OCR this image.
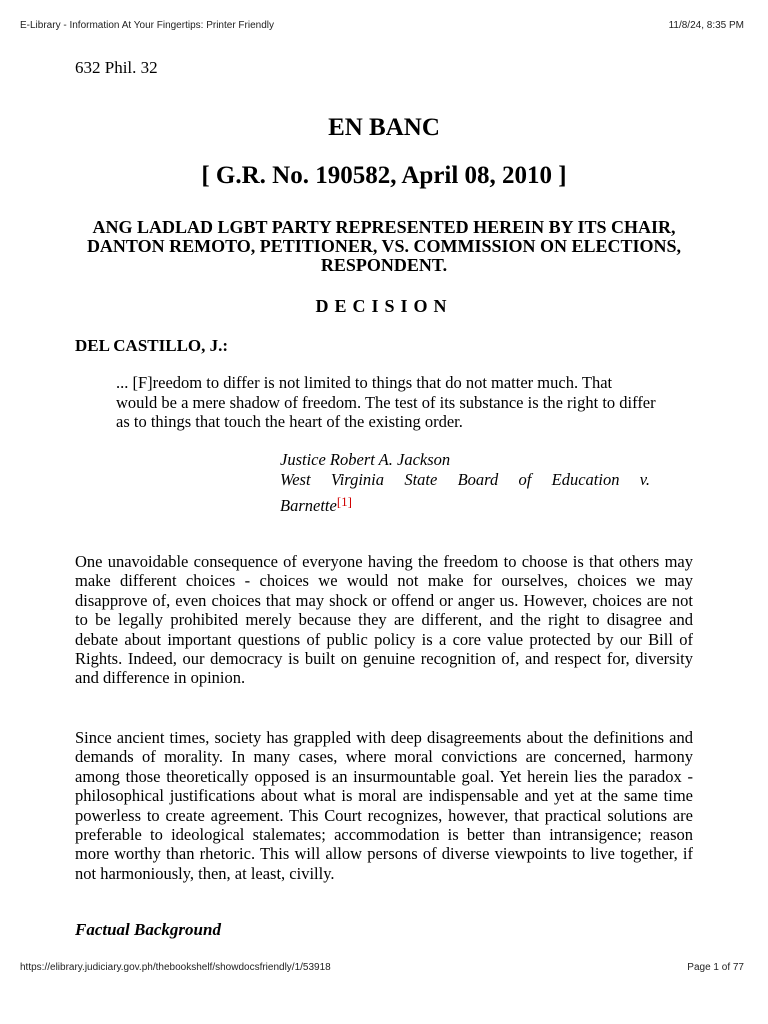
E-Library - Information At Your Fingertips: Printer Friendly	11/8/24, 8:35 PM
632 Phil. 32
EN BANC
[ G.R. No. 190582, April 08, 2010 ]
ANG LADLAD LGBT PARTY REPRESENTED HEREIN BY ITS CHAIR, DANTON REMOTO, PETITIONER, VS. COMMISSION ON ELECTIONS, RESPONDENT.
DECISION
DEL CASTILLO, J.:
... [F]reedom to differ is not limited to things that do not matter much. That would be a mere shadow of freedom. The test of its substance is the right to differ as to things that touch the heart of the existing order.
Justice Robert A. Jackson
West Virginia State Board of Education v.
Barnette[1]
One unavoidable consequence of everyone having the freedom to choose is that others may make different choices - choices we would not make for ourselves, choices we may disapprove of, even choices that may shock or offend or anger us. However, choices are not to be legally prohibited merely because they are different, and the right to disagree and debate about important questions of public policy is a core value protected by our Bill of Rights. Indeed, our democracy is built on genuine recognition of, and respect for, diversity and difference in opinion.
Since ancient times, society has grappled with deep disagreements about the definitions and demands of morality. In many cases, where moral convictions are concerned, harmony among those theoretically opposed is an insurmountable goal. Yet herein lies the paradox - philosophical justifications about what is moral are indispensable and yet at the same time powerless to create agreement. This Court recognizes, however, that practical solutions are preferable to ideological stalemates; accommodation is better than intransigence; reason more worthy than rhetoric. This will allow persons of diverse viewpoints to live together, if not harmoniously, then, at least, civilly.
Factual Background
https://elibrary.judiciary.gov.ph/thebookshelf/showdocsfriendly/1/53918	Page 1 of 77
